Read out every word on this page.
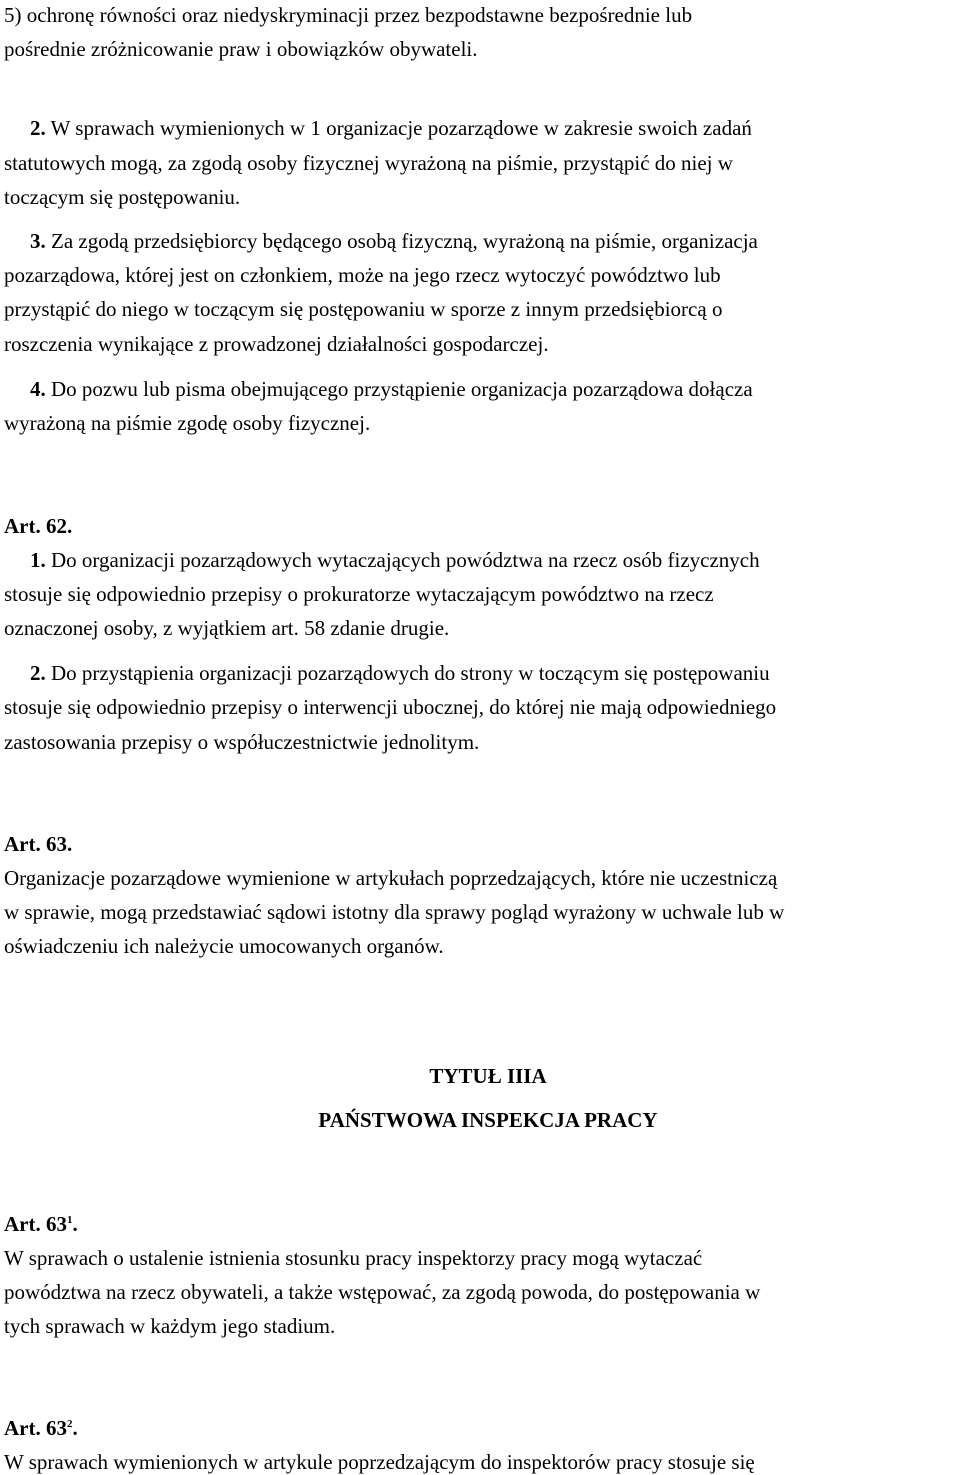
5) ochronę równości oraz niedyskryminacji przez bezpodstawne bezpośrednie lub
pośrednie zróżnicowanie praw i obowiązków obywateli.
2. W sprawach wymienionych w 1 organizacje pozarządowe w zakresie swoich zadań
statutowych mogą, za zgodą osoby fizycznej wyrażoną na piśmie, przystąpić do niej w
toczącym się postępowaniu.
3. Za zgodą przedsiębiorcy będącego osobą fizyczną, wyrażoną na piśmie, organizacja
pozarządowa, której jest on członkiem, może na jego rzecz wytoczyć powództwo lub
przystąpić do niego w toczącym się postępowaniu w sporze z innym przedsiębiorcą o
roszczenia wynikające z prowadzonej działalności gospodarczej.
4. Do pozwu lub pisma obejmującego przystąpienie organizacja pozarządowa dołącza
wyrażoną na piśmie zgodę osoby fizycznej.
Art. 62.
1. Do organizacji pozarządowych wytaczających powództwa na rzecz osób fizycznych
stosuje się odpowiednio przepisy o prokuratorze wytaczającym powództwo na rzecz
oznaczonej osoby, z wyjątkiem art. 58 zdanie drugie.
2. Do przystąpienia organizacji pozarządowych do strony w toczącym się postępowaniu
stosuje się odpowiednio przepisy o interwencji ubocznej, do której nie mają odpowiedniego
zastosowania przepisy o współuczestnictwie jednolitym.
Art. 63.
Organizacje pozarządowe wymienione w artykułach poprzedzających, które nie uczestniczą
w sprawie, mogą przedstawiać sądowi istotny dla sprawy pogląd wyrażony w uchwale lub w
oświadczeniu ich należycie umocowanych organów.
TYTUŁ IIIA
PAŃSTWOWA INSPEKCJA PRACY
Art. $63^1$.
W sprawach o ustalenie istnienia stosunku pracy inspektorzy pracy mogą wytaczać
powództwa na rzecz obywateli, a także wstępować, za zgodą powoda, do postępowania w
tych sprawach w każdym jego stadium.
Art. $63^2$.
W sprawach wymienionych w artykule poprzedzającym do inspektorów pracy stosuje się
